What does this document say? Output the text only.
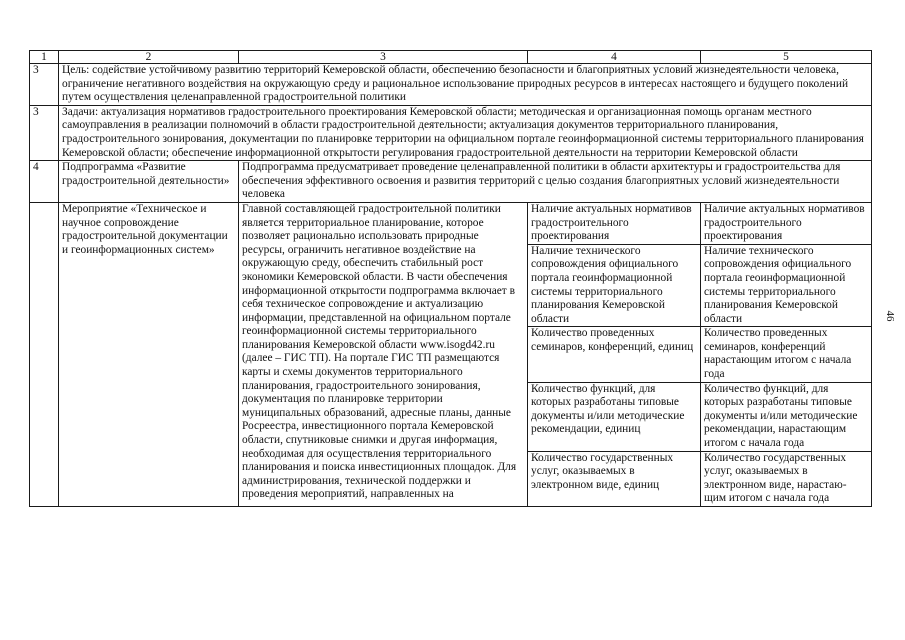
1	2	3	4	5
3	Цель: содействие устойчивому развитию территорий Кемеровской области, обеспечению безопасности и благоприятных условий жизнедеятельности человека, ограничение негативного воздействия на окружающую среду и рациональное использование природных ресурсов в интересах настоящего и будущего поколений путем осуществления целенаправленной градостроительной политики			
3	Задачи: актуализация нормативов градостроительного проектирования Кемеровской области; методическая и организационная помощь органам местного самоуправления в реализации полномочий в области градостроительной деятельности; актуализация документов территориального планирования, градостроительного зонирования, документации по планировке территории на официальном портале геоинформационной системы территориального планирования Кемеровской области; обеспечение информационной открытости регулирования градостроительной деятельности на территории Кемеровской области			
4	Подпрограмма «Развитие градостроительной деятельности»	Подпрограмма предусматривает проведение целенаправленной политики в области архитектуры и градостроительства для обеспечения эффективного освоения и развития территорий с целью создания благоприятных условий жизнедеятельности человека		
	Мероприятие «Техническое и научное сопровождение градостроительной документации и геоинформационных систем»	Главной составляющей градостроительной политики является территориальное планирование, которое позволяет рационально использовать природные ресурсы, ограничить негативное воздействие на окружающую среду, обеспечить стабильный рост экономики Кемеровской области. В части обеспечения информационной открытости подпрограмма включает в себя техническое сопровождение и актуализацию информации, представленной на официальном портале геоинформационной системы территориального планирования Кемеровской области www.isogd42.ru (далее – ГИС ТП). На портале ГИС ТП размещаются карты и схемы документов территориального планирования, градостроительного зонирования, документация по планировке территории муниципальных образований, адресные планы, данные Росреестра, инвестиционного портала Кемеровской области, спутниковые снимки и другая информация, необходимая для осуществления территориального планирования и поиска инвестиционных площадок. Для администрирования, технической поддержки и проведения мероприятий, направленных на	Наличие актуальных нормативов градостроительного проектирования	Наличие актуальных нормативов градостроительного проектирования
			Наличие технического сопровождения официального портала геоинформационной системы территориального планирования Кемеровской области	Наличие технического сопровождения официального портала геоинформационной системы территориального планирования Кемеровской области
			Количество проведенных семинаров, конференций, единиц	Количество проведенных семинаров, конференций нарастающим итогом с начала года
			Количество функций, для которых разработаны типовые документы и/или методические рекомендации, единиц	Количество функций, для которых разработаны типовые документы и/или методические рекомендации, нарастающим итогом с начала года
			Количество государственных услуг, оказываемых в электронном виде, единиц	Количество государственных услуг, оказываемых в электронном виде, нарастаю-щим итогом с начала года
46
